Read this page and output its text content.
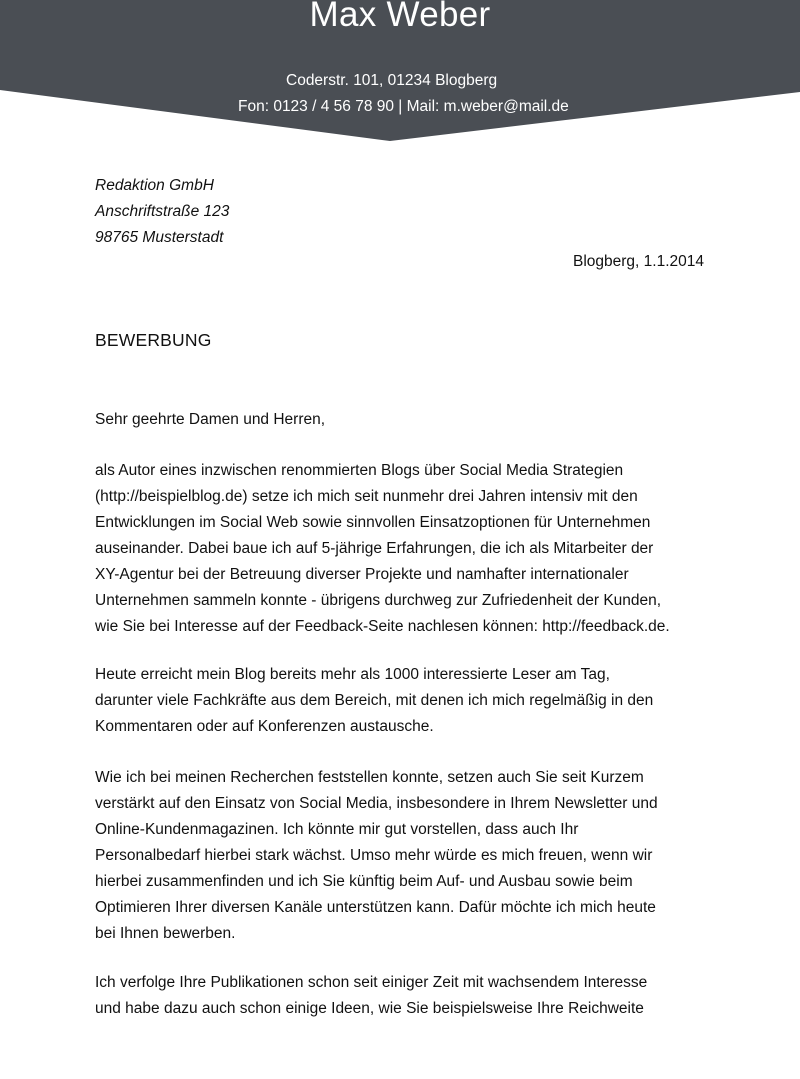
Max Weber
Coderstr. 101, 01234 Blogberg
Fon: 0123 / 4 56 78 90 | Mail: m.weber@mail.de
Redaktion GmbH
Anschriftstraße 123
98765 Musterstadt
Blogberg, 1.1.2014
BEWERBUNG
Sehr geehrte Damen und Herren,
als Autor eines inzwischen renommierten Blogs über Social Media Strategien
(http://beispielblog.de) setze ich mich seit nunmehr drei Jahren intensiv mit den
Entwicklungen im Social Web sowie sinnvollen Einsatzoptionen für Unternehmen
auseinander. Dabei baue ich auf 5-jährige Erfahrungen, die ich als Mitarbeiter der
XY-Agentur bei der Betreuung diverser Projekte und namhafter internationaler
Unternehmen sammeln konnte - übrigens durchweg zur Zufriedenheit der Kunden,
wie Sie bei Interesse auf der Feedback-Seite nachlesen können: http://feedback.de.
Heute erreicht mein Blog bereits mehr als 1000 interessierte Leser am Tag,
darunter viele Fachkräfte aus dem Bereich, mit denen ich mich regelmäßig in den
Kommentaren oder auf Konferenzen austausche.
Wie ich bei meinen Recherchen feststellen konnte, setzen auch Sie seit Kurzem
verstärkt auf den Einsatz von Social Media, insbesondere in Ihrem Newsletter und
Online-Kundenmagazinen. Ich könnte mir gut vorstellen, dass auch Ihr
Personalbedarf hierbei stark wächst. Umso mehr würde es mich freuen, wenn wir
hierbei zusammenfinden und ich Sie künftig beim Auf- und Ausbau sowie beim
Optimieren Ihrer diversen Kanäle unterstützen kann. Dafür möchte ich mich heute
bei Ihnen bewerben.
Ich verfolge Ihre Publikationen schon seit einiger Zeit mit wachsendem Interesse
und habe dazu auch schon einige Ideen, wie Sie beispielsweise Ihre Reichweite
